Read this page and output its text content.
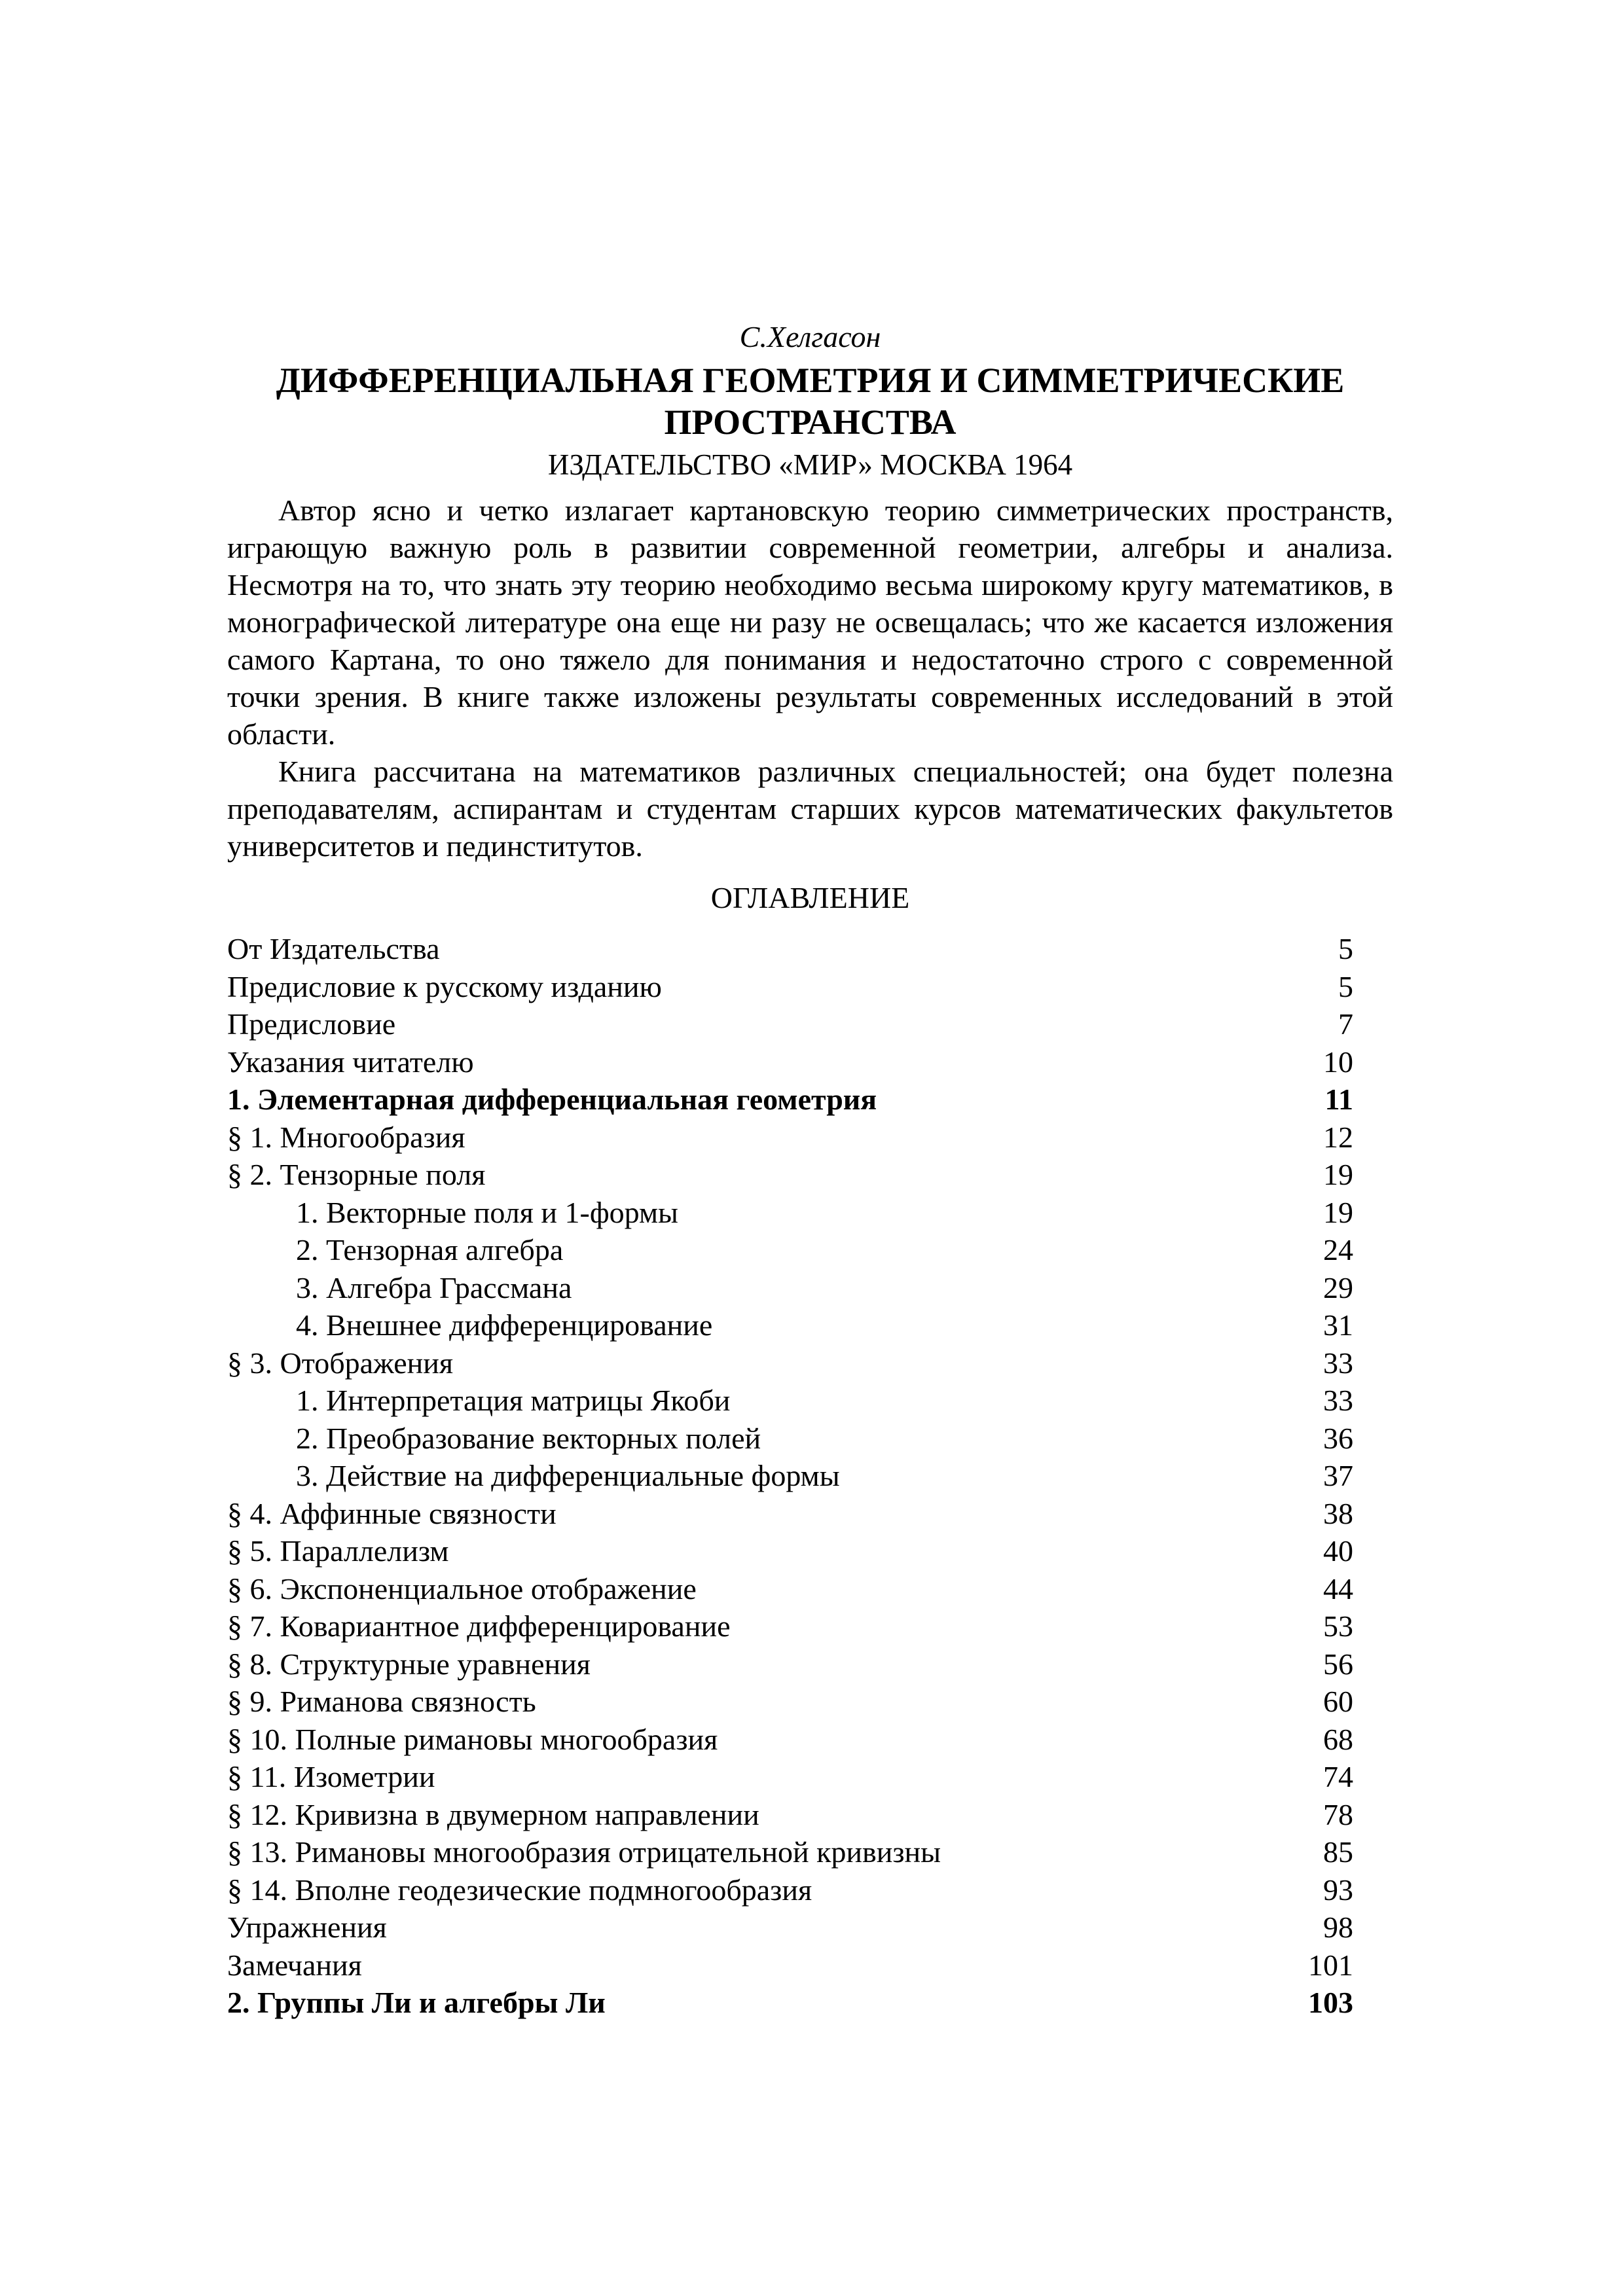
С.Хелгасон
ДИФФЕРЕНЦИАЛЬНАЯ ГЕОМЕТРИЯ И СИММЕТРИЧЕСКИЕ ПРОСТРАНСТВА
ИЗДАТЕЛЬСТВО «МИР» МОСКВА 1964

Автор ясно и четко излагает картановскую теорию симметрических пространств, играющую важную роль в развитии современной геометрии, алгебры и анализа. Несмотря на то, что знать эту теорию необходимо весьма широкому кругу математиков, в монографической литературе она еще ни разу не освещалась; что же касается изложения самого Картана, то оно тяжело для понимания и недостаточно строго с современной точки зрения. В книге также изложены результаты современных исследований в этой области.

Книга рассчитана на математиков различных специальностей; она будет полезна преподавателям, аспирантам и студентам старших курсов математических факультетов университетов и пединститутов.

ОГЛАВЛЕНИЕ
От Издательства	5
Предисловие к русскому изданию	5
Предисловие	7
Указания читателю	10
1. Элементарная дифференциальная геометрия	11
§ 1. Многообразия	12
§ 2. Тензорные поля	19
1. Векторные поля и 1-формы	19
2. Тензорная алгебра	24
3. Алгебра Грассмана	29
4. Внешнее дифференцирование	31
§ 3. Отображения	33
1. Интерпретация матрицы Якоби	33
2. Преобразование векторных полей	36
3. Действие на дифференциальные формы	37
§ 4. Аффинные связности	38
§ 5. Параллелизм	40
§ 6. Экспоненциальное отображение	44
§ 7. Ковариантное дифференцирование	53
§ 8. Структурные уравнения	56
§ 9. Риманова связность	60
§ 10. Полные римановы многообразия	68
§ 11. Изометрии	74
§ 12. Кривизна в двумерном направлении	78
§ 13. Римановы многообразия отрицательной кривизны	85
§ 14. Вполне геодезические подмногообразия	93
Упражнения	98
Замечания	101
2. Группы Ли и алгебры Ли	103
